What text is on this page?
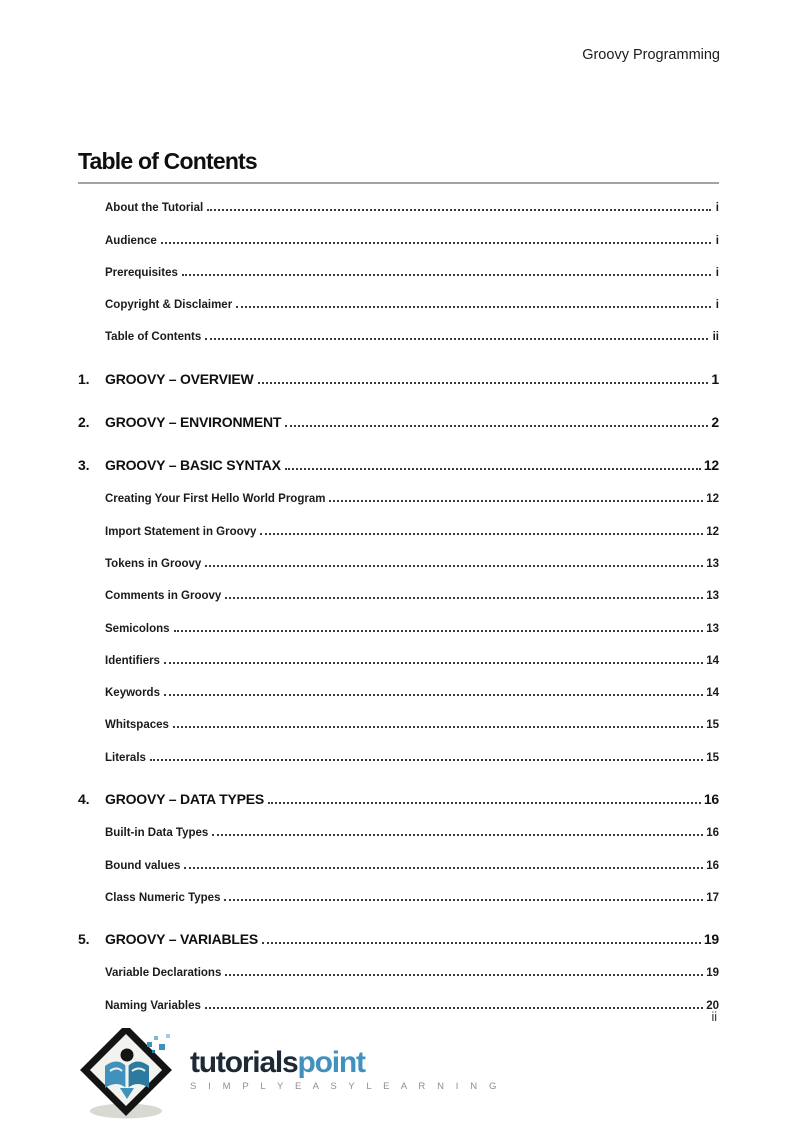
Groovy Programming
Table of Contents
About the Tutorial	i
Audience	i
Prerequisites	i
Copyright & Disclaimer	i
Table of Contents	ii
1.	GROOVY – OVERVIEW	1
2.	GROOVY – ENVIRONMENT	2
3.	GROOVY – BASIC SYNTAX	12
Creating Your First Hello World Program	12
Import Statement in Groovy	12
Tokens in Groovy	13
Comments in Groovy	13
Semicolons	13
Identifiers	14
Keywords	14
Whitspaces	15
Literals	15
4.	GROOVY – DATA TYPES	16
Built-in Data Types	16
Bound values	16
Class Numeric Types	17
5.	GROOVY – VARIABLES	19
Variable Declarations	19
Naming Variables	20
ii
tutorialspoint
S I M P L Y E A S Y L E A R N I N G
